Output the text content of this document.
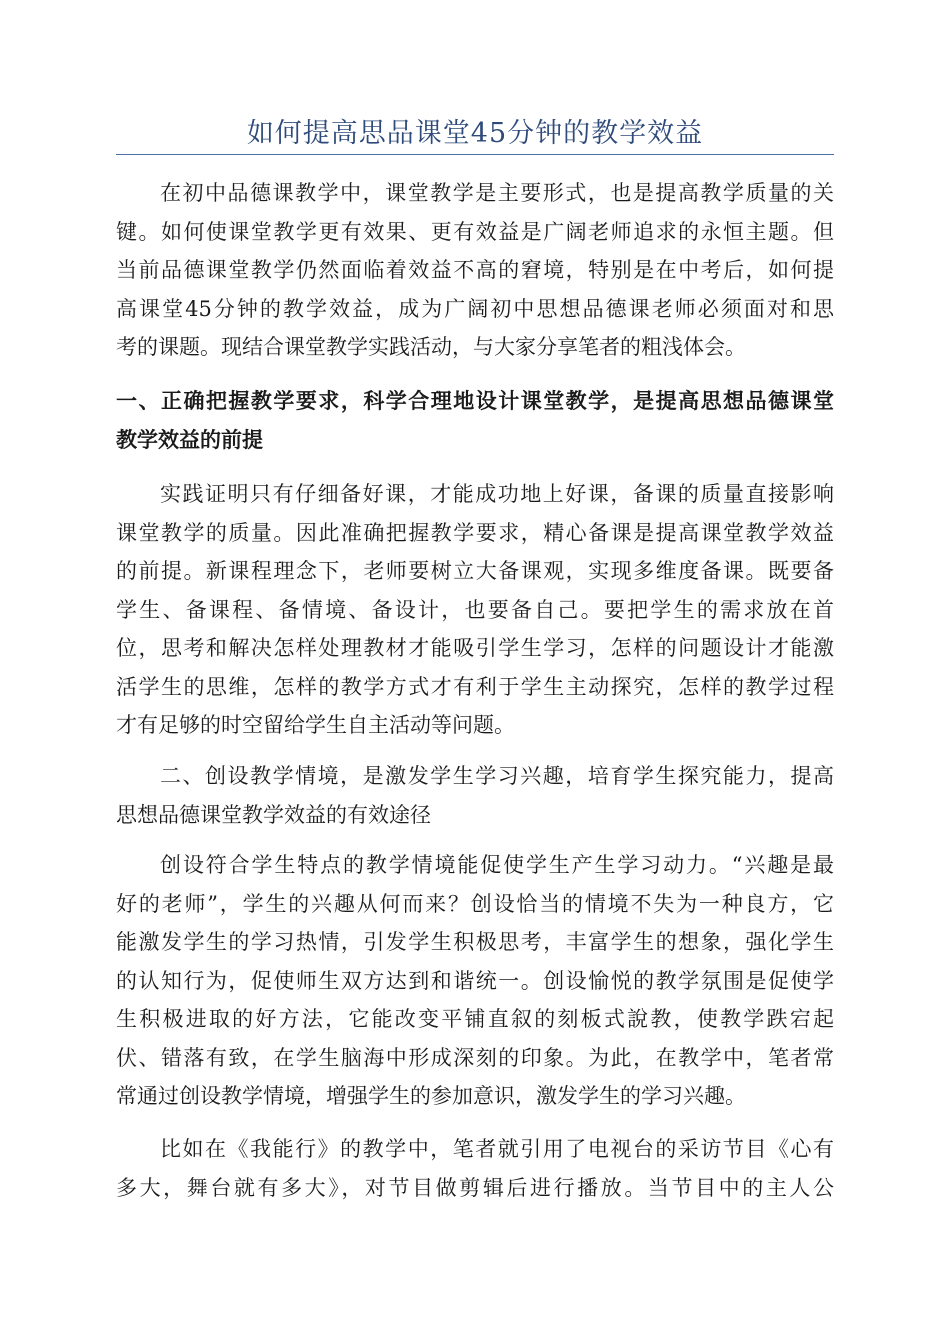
如何提高思品课堂45分钟的教学效益
在初中品德课教学中，课堂教学是主要形式，也是提高教学质量的关
键。如何使课堂教学更有效果、更有效益是广阔老师追求的永恒主题。但
当前品德课堂教学仍然面临着效益不高的窘境，特别是在中考后，如何提
高课堂45分钟的教学效益，成为广阔初中思想品德课老师必须面对和思
考的课题。现结合课堂教学实践活动，与大家分享笔者的粗浅体会。
一、正确把握教学要求，科学合理地设计课堂教学，是提高思想品德课堂
教学效益的前提
实践证明只有仔细备好课，才能成功地上好课，备课的质量直接影响
课堂教学的质量。因此准确把握教学要求，精心备课是提高课堂教学效益
的前提。新课程理念下，老师要树立大备课观，实现多维度备课。既要备
学生、备课程、备情境、备设计，也要备自己。要把学生的需求放在首
位，思考和解决怎样处理教材才能吸引学生学习，怎样的问题设计才能激
活学生的思维，怎样的教学方式才有利于学生主动探究，怎样的教学过程
才有足够的时空留给学生自主活动等问题。
二、创设教学情境，是激发学生学习兴趣，培育学生探究能力，提高
思想品德课堂教学效益的有效途径
创设符合学生特点的教学情境能促使学生产生学习动力。“兴趣是最
好的老师”，学生的兴趣从何而来？创设恰当的情境不失为一种良方，它
能激发学生的学习热情，引发学生积极思考，丰富学生的想象，强化学生
的认知行为，促使师生双方达到和谐统一。创设愉悦的教学氛围是促使学
生积极进取的好方法，它能改变平铺直叙的刻板式說教，使教学跌宕起
伏、错落有致，在学生脑海中形成深刻的印象。为此，在教学中，笔者常
常通过创设教学情境，增强学生的参加意识，激发学生的学习兴趣。
比如在《我能行》的教学中，笔者就引用了电视台的采访节目《心有
多大，舞台就有多大》，对节目做剪辑后进行播放。当节目中的主人公
